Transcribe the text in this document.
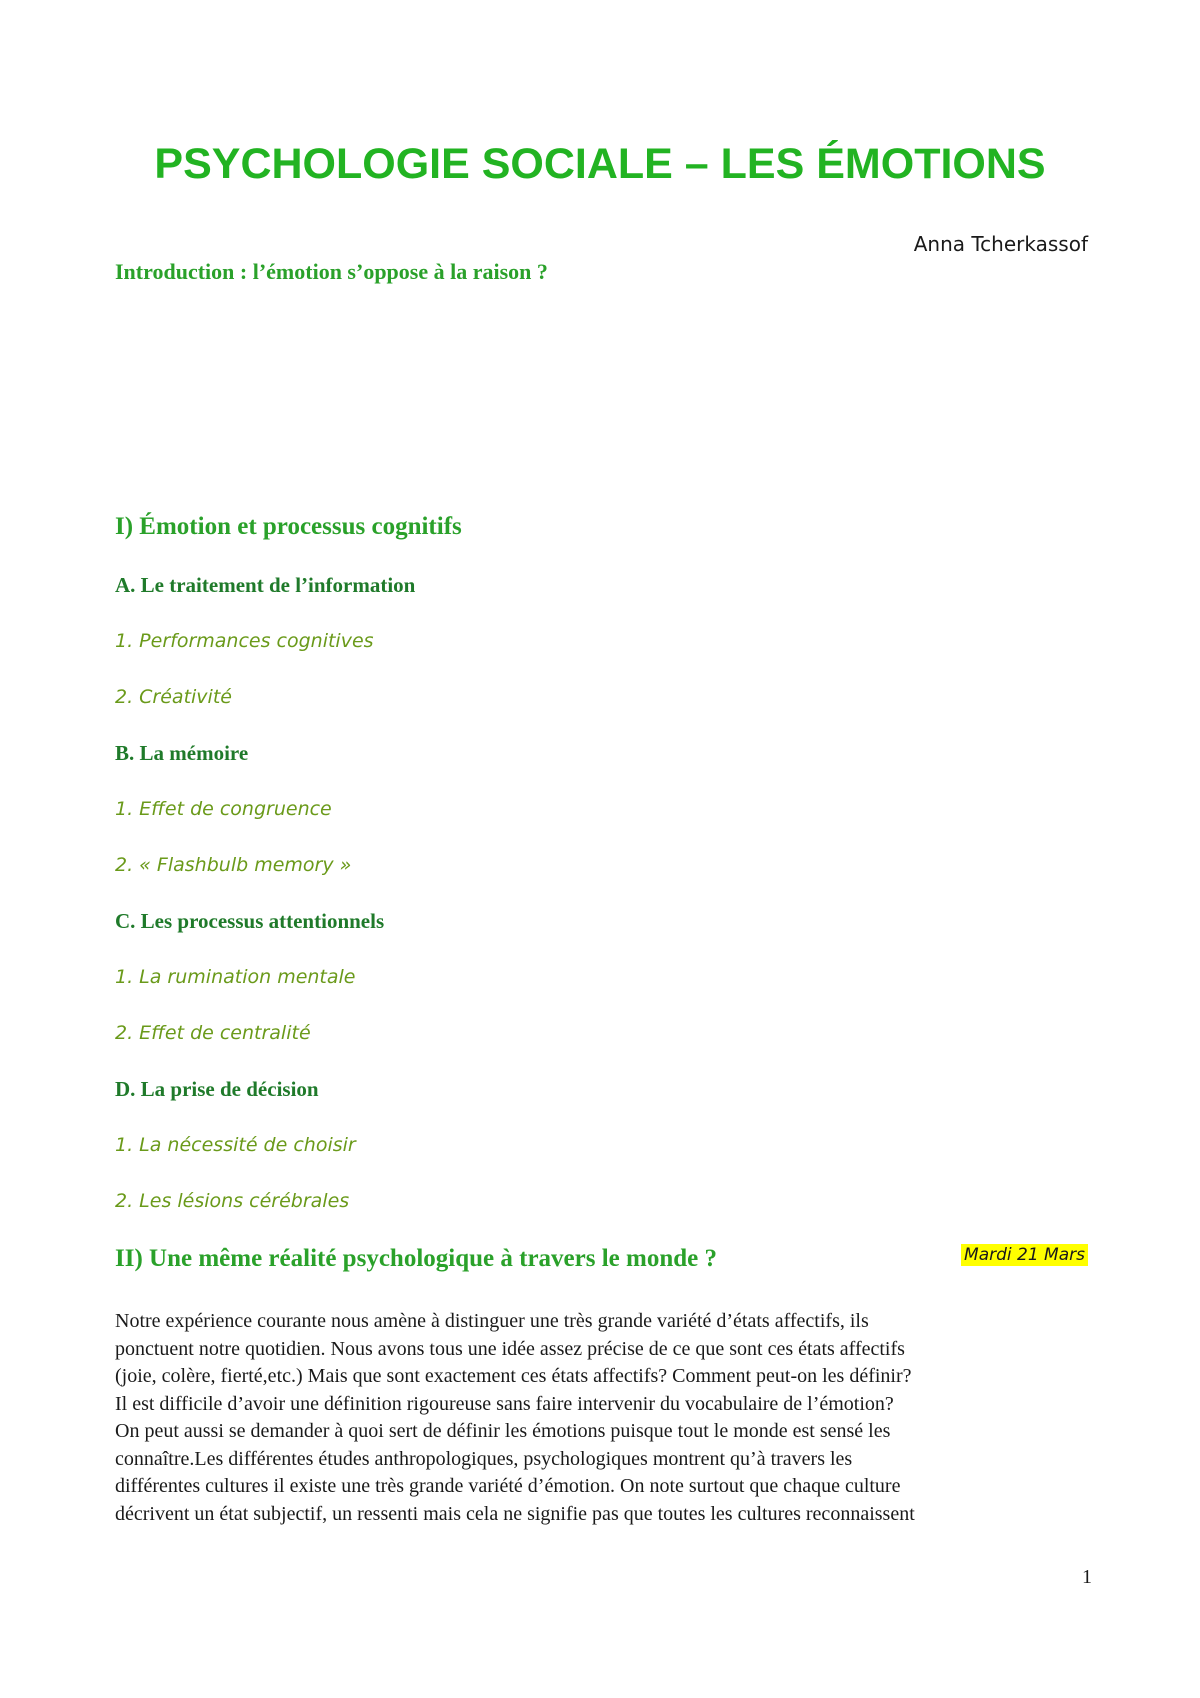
PSYCHOLOGIE SOCIALE – LES ÉMOTIONS
Anna Tcherkassof
Introduction : l’émotion s’oppose à la raison ?
I) Émotion et processus cognitifs
A. Le traitement de l’information
1. Performances cognitives
2. Créativité
B. La mémoire
1. Effet de congruence
2. « Flashbulb memory »
C. Les processus attentionnels
1. La rumination mentale
2. Effet de centralité
D. La prise de décision
1. La nécessité de choisir
2. Les lésions cérébrales
II) Une même réalité psychologique à travers le monde ?	Mardi 21 Mars
Notre expérience courante nous amène à distinguer une très grande variété d’états affectifs, ils
ponctuent notre quotidien. Nous avons tous une idée assez précise de ce que sont ces états affectifs
(joie, colère, fierté,etc.) Mais que sont exactement ces états affectifs? Comment peut-on les définir?
Il est difficile d’avoir une définition rigoureuse sans faire intervenir du vocabulaire de l’émotion?
On peut aussi se demander à quoi sert de définir les émotions puisque tout le monde est sensé les
connaître.Les différentes études anthropologiques, psychologiques montrent qu’à travers les
différentes cultures il existe une très grande variété d’émotion. On note surtout que chaque culture
décrivent un état subjectif, un ressenti mais cela ne signifie pas que toutes les cultures reconnaissent
1
